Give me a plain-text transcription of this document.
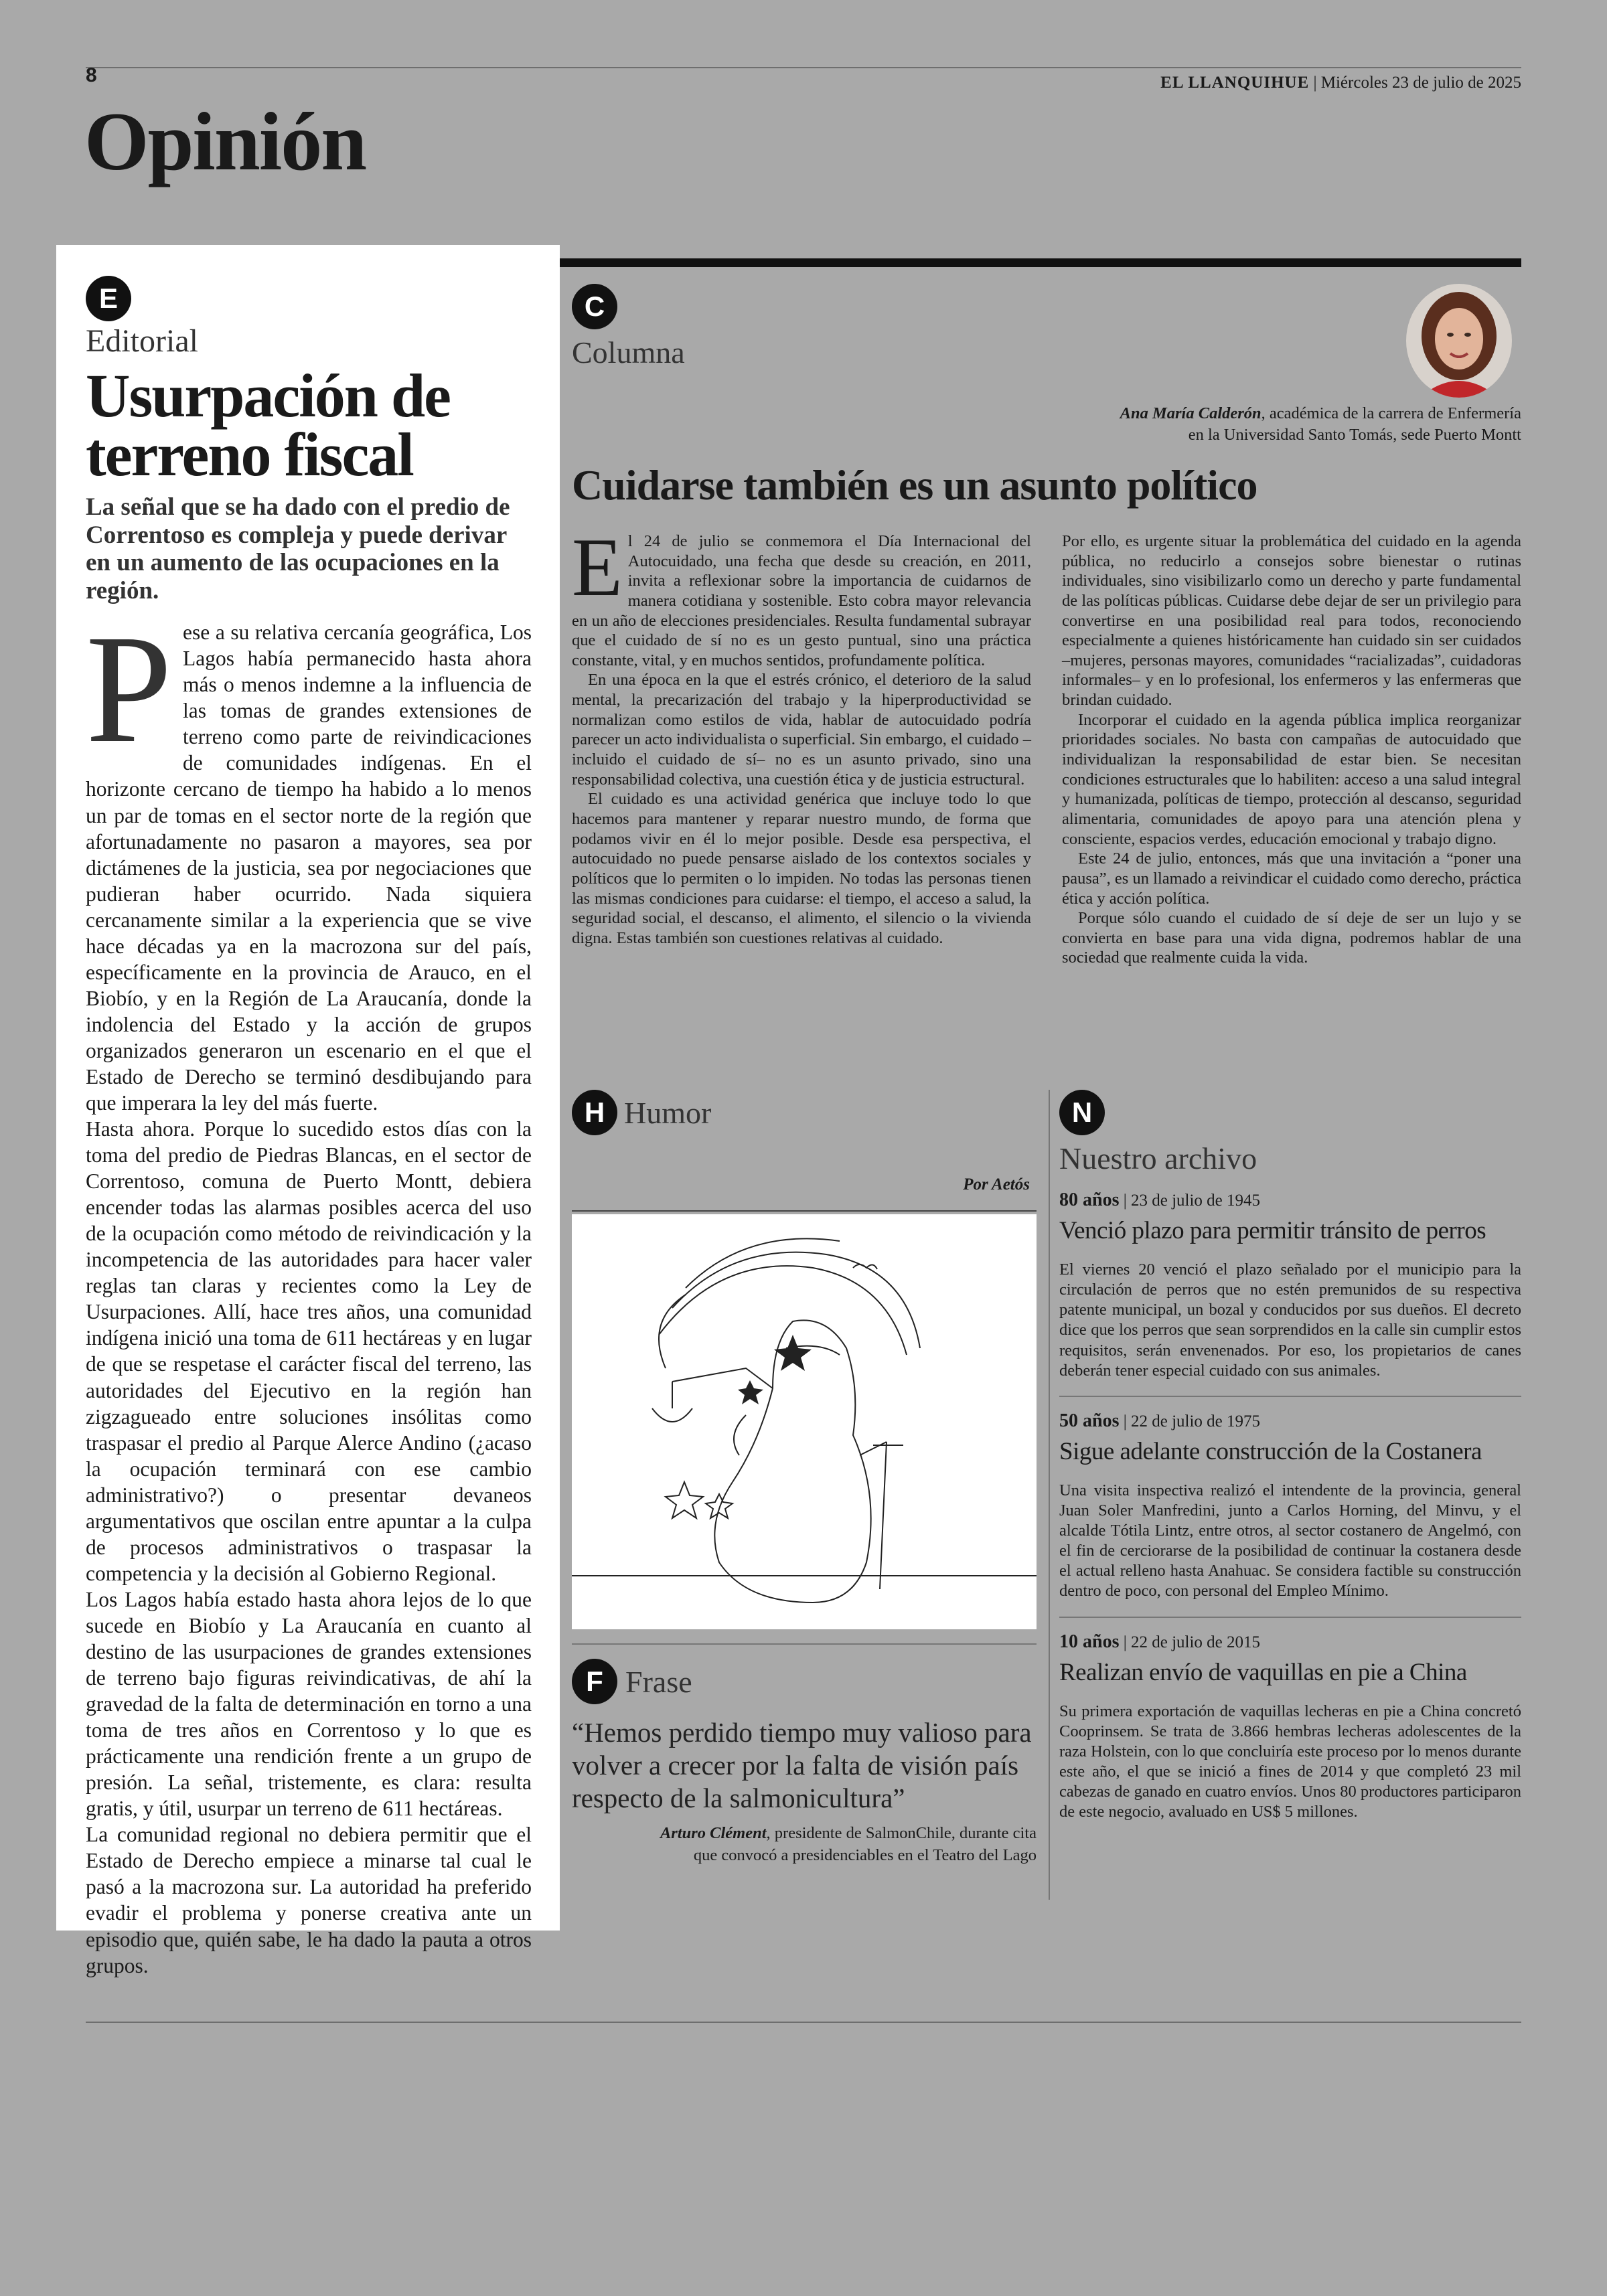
8	EL LLANQUIHUE | Miércoles 23 de julio de 2025
Opinión
E
Editorial
Usurpación de terreno fiscal
La señal que se ha dado con el predio de Correntoso es compleja y puede derivar en un aumento de las ocupaciones en la región.

Pese a su relativa cercanía geográfica, Los Lagos había permanecido hasta ahora más o menos indemne a la influencia de las tomas de grandes extensiones de terreno como parte de reivindicaciones de comunidades indígenas. En el horizonte cercano de tiempo ha habido a lo menos un par de tomas en el sector norte de la región que afortunadamente no pasaron a mayores, sea por dictámenes de la justicia, sea por negociaciones que pudieran haber ocurrido. Nada siquiera cercanamente similar a la experiencia que se vive hace décadas ya en la macrozona sur del país, específicamente en la provincia de Arauco, en el Biobío, y en la Región de La Araucanía, donde la indolencia del Estado y la acción de grupos organizados generaron un escenario en el que el Estado de Derecho se terminó desdibujando para que imperara la ley del más fuerte.

Hasta ahora. Porque lo sucedido estos días con la toma del predio de Piedras Blancas, en el sector de Correntoso, comuna de Puerto Montt, debiera encender todas las alarmas posibles acerca del uso de la ocupación como método de reivindicación y la incompetencia de las autoridades para hacer valer reglas tan claras y recientes como la Ley de Usurpaciones. Allí, hace tres años, una comunidad indígena inició una toma de 611 hectáreas y en lugar de que se respetase el carácter fiscal del terreno, las autoridades del Ejecutivo en la región han zigzagueado entre soluciones insólitas como traspasar el predio al Parque Alerce Andino (¿acaso la ocupación terminará con ese cambio administrativo?) o presentar devaneos argumentativos que oscilan entre apuntar a la culpa de procesos administrativos o traspasar la competencia y la decisión al Gobierno Regional.

Los Lagos había estado hasta ahora lejos de lo que sucede en Biobío y La Araucanía en cuanto al destino de las usurpaciones de grandes extensiones de terreno bajo figuras reivindicativas, de ahí la gravedad de la falta de determinación en torno a una toma de tres años en Correntoso y lo que es prácticamente una rendición frente a un grupo de presión. La señal, tristemente, es clara: resulta gratis, y útil, usurpar un terreno de 611 hectáreas.

La comunidad regional no debiera permitir que el Estado de Derecho empiece a minarse tal cual le pasó a la macrozona sur. La autoridad ha preferido evadir el problema y ponerse creativa ante un episodio que, quién sabe, le ha dado la pauta a otros grupos.

C
Columna
Ana María Calderón, académica de la carrera de Enfermería
en la Universidad Santo Tomás, sede Puerto Montt
Cuidarse también es un asunto político

El 24 de julio se conmemora el Día Internacional del Autocuidado, una fecha que desde su creación, en 2011, invita a reflexionar sobre la importancia de cuidarnos de manera cotidiana y sostenible. Esto cobra mayor relevancia en un año de elecciones presidenciales. Resulta fundamental subrayar que el cuidado de sí no es un gesto puntual, sino una práctica constante, vital, y en muchos sentidos, profundamente política.

En una época en la que el estrés crónico, el deterioro de la salud mental, la precarización del trabajo y la hiperproductividad se normalizan como estilos de vida, hablar de autocuidado podría parecer un acto individualista o superficial. Sin embargo, el cuidado –incluido el cuidado de sí– no es un asunto privado, sino una responsabilidad colectiva, una cuestión ética y de justicia estructural.

El cuidado es una actividad genérica que incluye todo lo que hacemos para mantener y reparar nuestro mundo, de forma que podamos vivir en él lo mejor posible. Desde esa perspectiva, el autocuidado no puede pensarse aislado de los contextos sociales y políticos que lo permiten o lo impiden. No todas las personas tienen las mismas condiciones para cuidarse: el tiempo, el acceso a salud, la seguridad social, el descanso, el alimento, el silencio o la vivienda digna. Estas también son cuestiones relativas al cuidado.

Por ello, es urgente situar la problemática del cuidado en la agenda pública, no reducirlo a consejos sobre bienestar o rutinas individuales, sino visibilizarlo como un derecho y parte fundamental de las políticas públicas. Cuidarse debe dejar de ser un privilegio para convertirse en una posibilidad real para todos, reconociendo especialmente a quienes históricamente han cuidado sin ser cuidados –mujeres, personas mayores, comunidades “racializadas”, cuidadoras informales– y en lo profesional, los enfermeros y las enfermeras que brindan cuidado.

Incorporar el cuidado en la agenda pública implica reorganizar prioridades sociales. No basta con campañas de autocuidado que individualizan la responsabilidad de estar bien. Se necesitan condiciones estructurales que lo habiliten: acceso a una salud integral y humanizada, políticas de tiempo, protección al descanso, seguridad alimentaria, comunidades de apoyo para una atención plena y consciente, espacios verdes, educación emocional y trabajo digno.

Este 24 de julio, entonces, más que una invitación a “poner una pausa”, es un llamado a reivindicar el cuidado como derecho, práctica ética y acción política.

Porque sólo cuando el cuidado de sí deje de ser un lujo y se convierta en base para una vida digna, podremos hablar de una sociedad que realmente cuida la vida.

H Humor
Por Aetós
F Frase
“Hemos perdido tiempo muy valioso para volver a crecer por la falta de visión país respecto de la salmonicultura”
Arturo Clément, presidente de SalmonChile, durante cita
que convocó a presidenciables en el Teatro del Lago
N
Nuestro archivo
80 años | 23 de julio de 1945
Venció plazo para permitir tránsito de perros
El viernes 20 venció el plazo señalado por el municipio para la circulación de perros que no estén premunidos de su respectiva patente municipal, un bozal y conducidos por sus dueños. El decreto dice que los perros que sean sorprendidos en la calle sin cumplir estos requisitos, serán envenenados. Por eso, los propietarios de canes deberán tener especial cuidado con sus animales.
50 años | 22 de julio de 1975
Sigue adelante construcción de la Costanera
Una visita inspectiva realizó el intendente de la provincia, general Juan Soler Manfredini, junto a Carlos Horning, del Minvu, y el alcalde Tótila Lintz, entre otros, al sector costanero de Angelmó, con el fin de cerciorarse de la posibilidad de continuar la costanera desde el actual relleno hasta Anahuac. Se considera factible su construcción dentro de poco, con personal del Empleo Mínimo.
10 años | 22 de julio de 2015
Realizan envío de vaquillas en pie a China
Su primera exportación de vaquillas lecheras en pie a China concretó Cooprinsem. Se trata de 3.866 hembras lecheras adolescentes de la raza Holstein, con lo que concluiría este proceso por lo menos durante este año, el que se inició a fines de 2014 y que completó 23 mil cabezas de ganado en cuatro envíos. Unos 80 productores participaron de este negocio, avaluado en US$ 5 millones.
